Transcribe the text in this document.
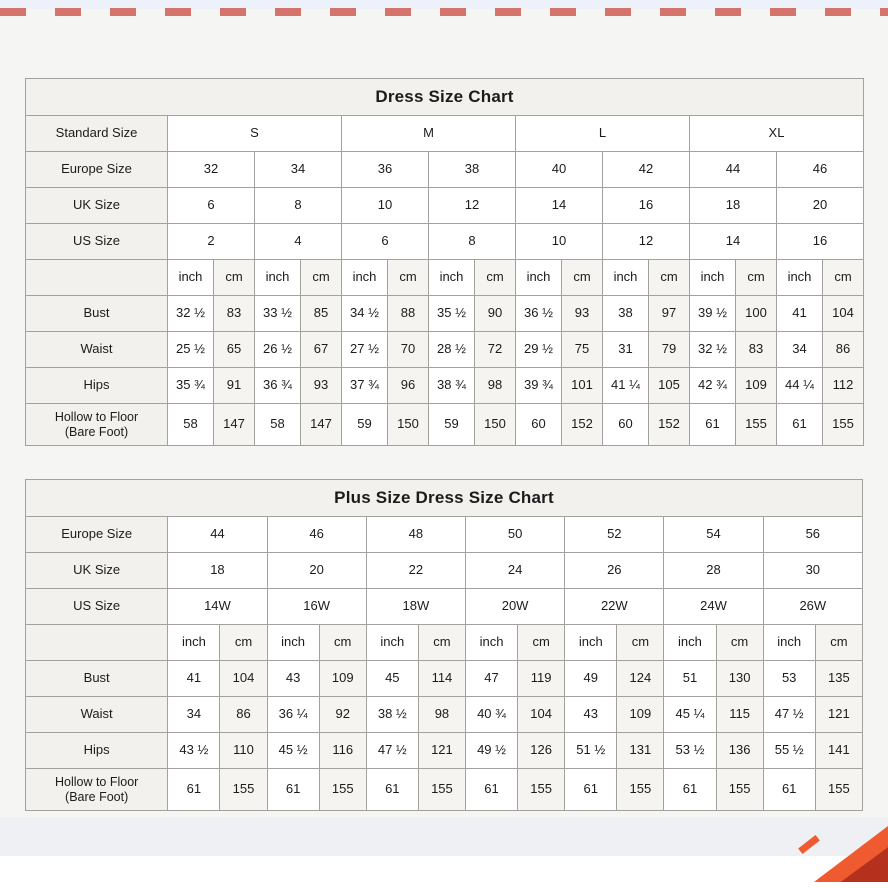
Dress Size Chart																
Standard Size	S				M				L				XL			
Europe Size	32		34		36		38		40		42		44		46	
UK Size	6		8		10		12		14		16		18		20	
US Size	2		4		6		8		10		12		14		16	
	inch	cm	inch	cm	inch	cm	inch	cm	inch	cm	inch	cm	inch	cm	inch	cm

Bust	32 ½	83	33 ½	85	34 ½	88	35 ½	90	36 ½	93	38	97	39 ½	100	41	104

Waist	25 ½	65	26 ½	67	27 ½	70	28 ½	72	29 ½	75	31	79	32 ½	83	34	86

Hips	35 ¾	91	36 ¾	93	37 ¾	96	38 ¾	98	39 ¾	101	41 ¼	105	42 ¾	109	44 ¼	112

Hollow to Floor
(Bare Foot)	58	147	58	147	59	150	59	150	60	152	60	152	61	155	61	155
Plus Size Dress Size Chart														
Europe Size	44		46		48		50		52		54		56	
UK Size	18		20		22		24		26		28		30	
US Size	14W		16W		18W		20W		22W		24W		26W	
	inch	cm	inch	cm	inch	cm	inch	cm	inch	cm	inch	cm	inch	cm

Bust	41	104	43	109	45	114	47	119	49	124	51	130	53	135

Waist	34	86	36 ¼	92	38 ½	98	40 ¾	104	43	109	45 ¼	115	47 ½	121

Hips	43 ½	110	45 ½	116	47 ½	121	49 ½	126	51 ½	131	53 ½	136	55 ½	141

Hollow to Floor
(Bare Foot)	61	155	61	155	61	155	61	155	61	155	61	155	61	155
